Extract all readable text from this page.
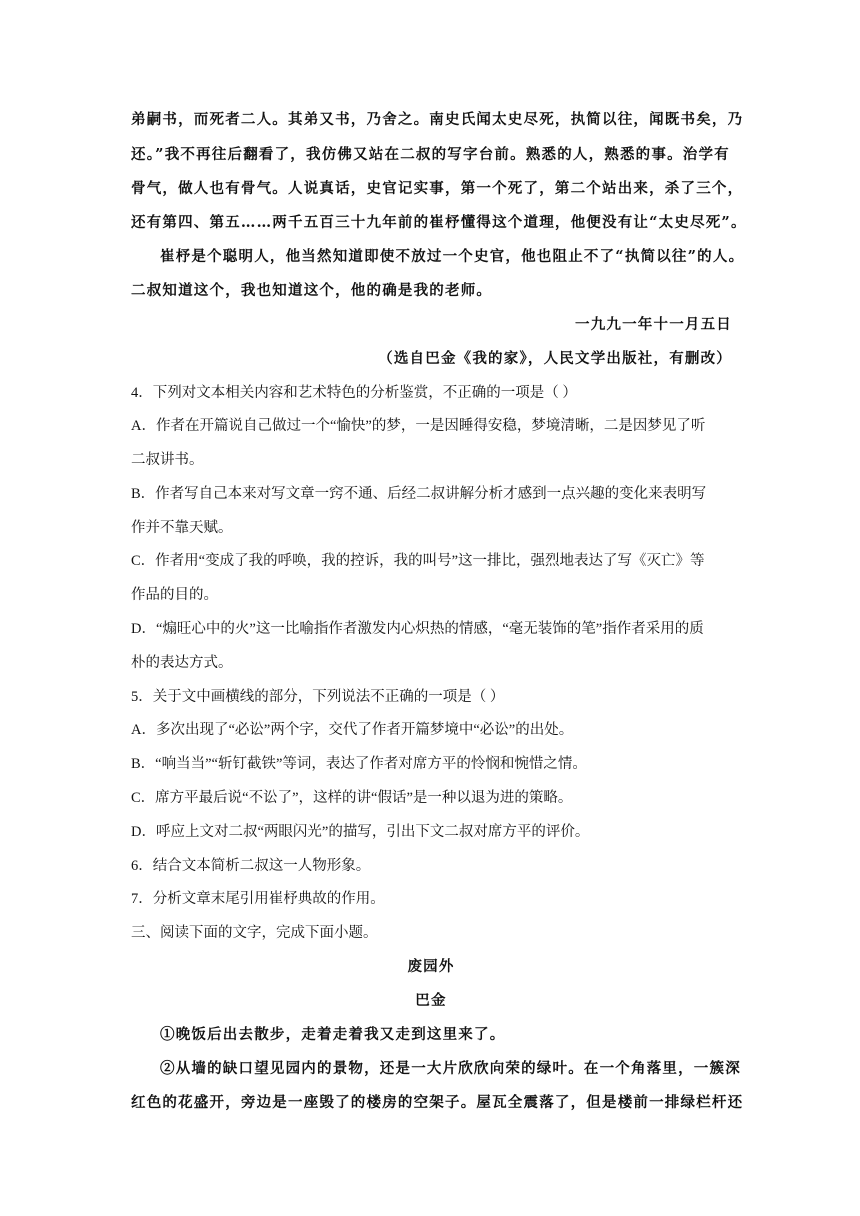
弟嗣书，而死者二人。其弟又书，乃舍之。南史氏闻太史尽死，执简以往，闻既书矣，乃
还。”我不再往后翻看了，我仿佛又站在二叔的写字台前。熟悉的人，熟悉的事。治学有
骨气，做人也有骨气。人说真话，史官记实事，第一个死了，第二个站出来，杀了三个，
还有第四、第五……两千五百三十九年前的崔杼懂得这个道理，他便没有让“太史尽死”。
崔杼是个聪明人，他当然知道即使不放过一个史官，他也阻止不了“执简以往”的人。
二叔知道这个，我也知道这个，他的确是我的老师。
一九九一年十一月五日
（选自巴金《我的家》，人民文学出版社，有删改）
4．下列对文本相关内容和艺术特色的分析鉴赏，不正确的一项是（ ）
A．作者在开篇说自己做过一个“愉快”的梦，一是因睡得安稳，梦境清晰，二是因梦见了听
二叔讲书。
B．作者写自己本来对写文章一窍不通、后经二叔讲解分析才感到一点兴趣的变化来表明写
作并不靠天赋。
C．作者用“变成了我的呼唤，我的控诉，我的叫号”这一排比，强烈地表达了写《灭亡》等
作品的目的。
D．“煽旺心中的火”这一比喻指作者激发内心炽热的情感，“毫无装饰的笔”指作者采用的质
朴的表达方式。
5．关于文中画横线的部分，下列说法不正确的一项是（ ）
A．多次出现了“必讼”两个字，交代了作者开篇梦境中“必讼”的出处。
B．“响当当”“斩钉截铁”等词，表达了作者对席方平的怜悯和惋惜之情。
C．席方平最后说“不讼了”，这样的讲“假话”是一种以退为进的策略。
D．呼应上文对二叔“两眼闪光”的描写，引出下文二叔对席方平的评价。
6．结合文本简析二叔这一人物形象。
7．分析文章末尾引用崔杼典故的作用。
三、阅读下面的文字，完成下面小题。
废园外
巴金
①晚饭后出去散步，走着走着我又走到这里来了。
②从墙的缺口望见园内的景物，还是一大片欣欣向荣的绿叶。在一个角落里，一簇深
红色的花盛开，旁边是一座毁了的楼房的空架子。屋瓦全震落了，但是楼前一排绿栏杆还
